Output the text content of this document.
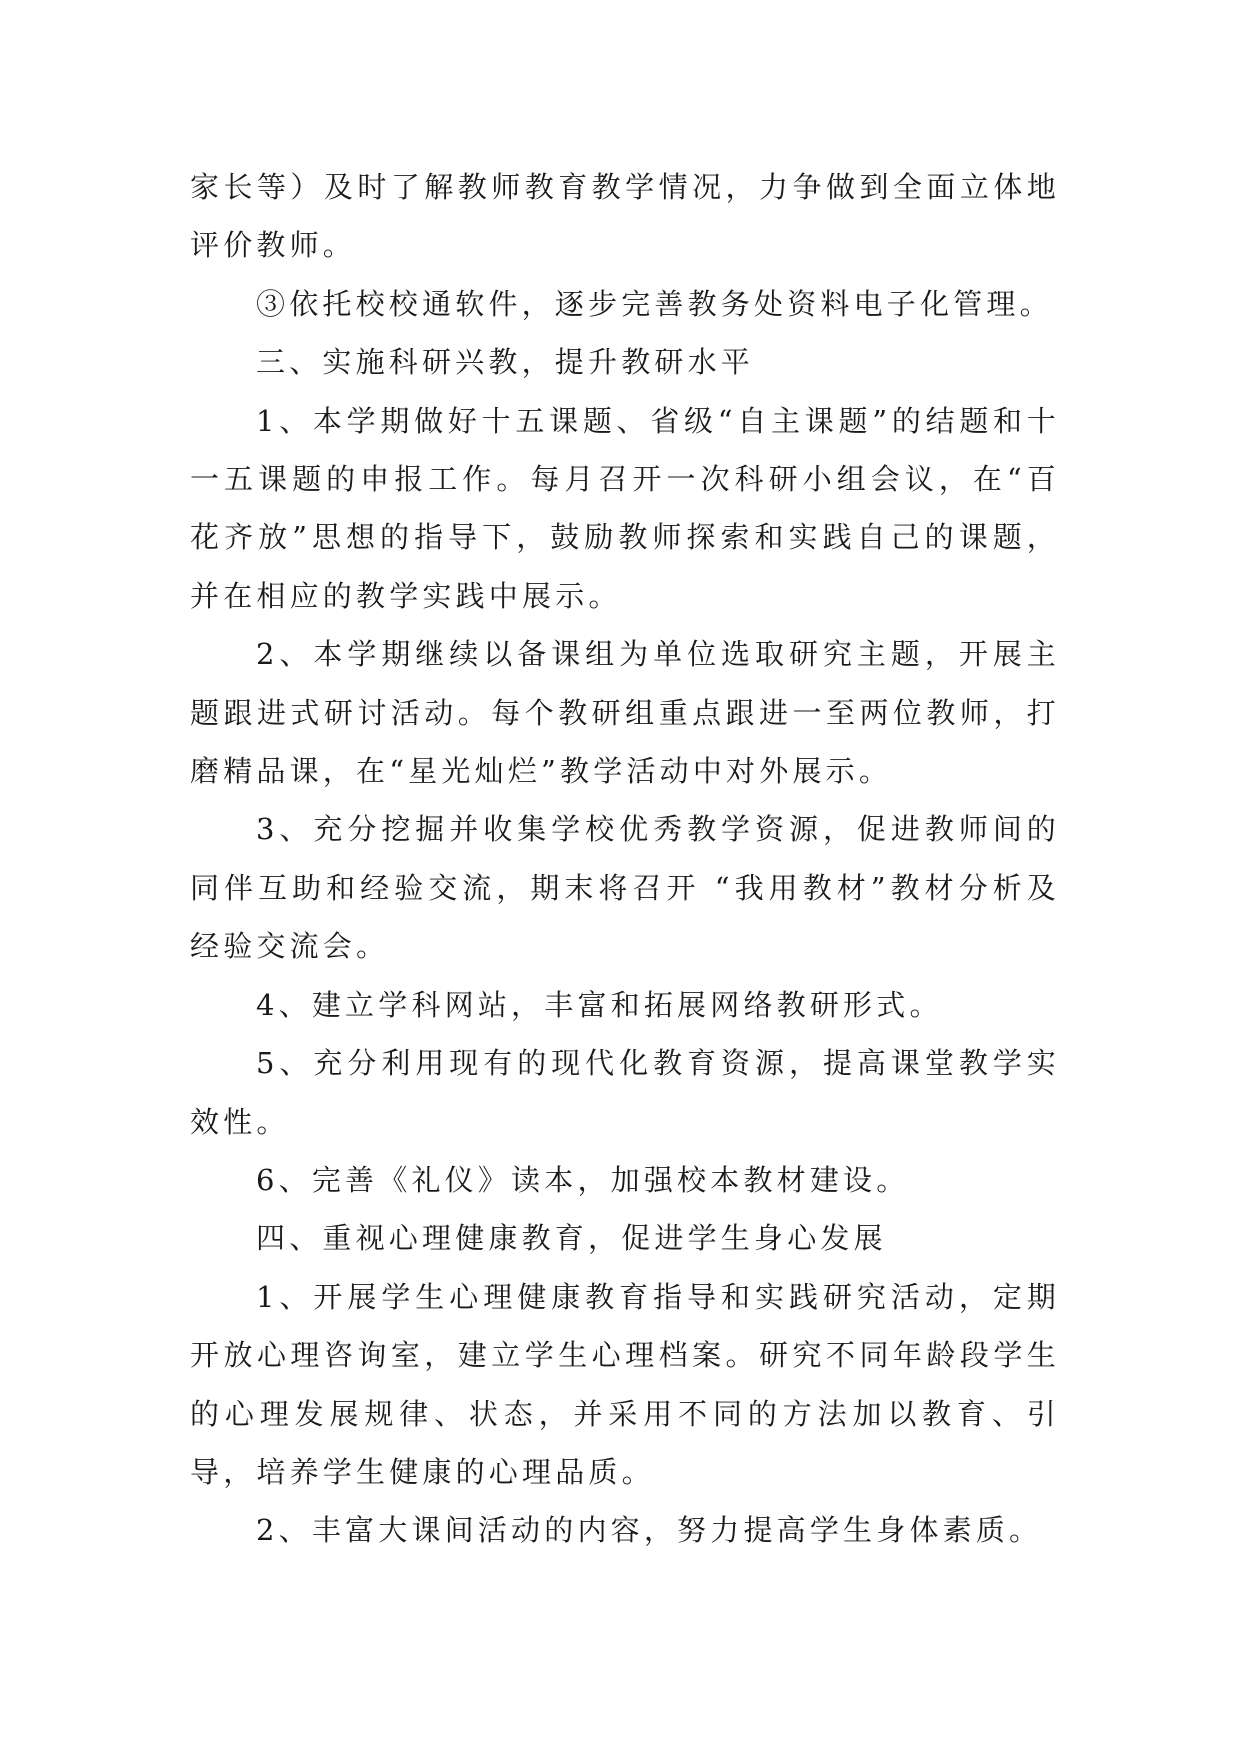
家长等）及时了解教师教育教学情况，力争做到全面立体地评价教师。

③依托校校通软件，逐步完善教务处资料电子化管理。

三、实施科研兴教，提升教研水平

1、本学期做好十五课题、省级“自主课题”的结题和十一五课题的申报工作。每月召开一次科研小组会议，在“百花齐放”思想的指导下，鼓励教师探索和实践自己的课题，并在相应的教学实践中展示。

2、本学期继续以备课组为单位选取研究主题，开展主题跟进式研讨活动。每个教研组重点跟进一至两位教师，打磨精品课，在“星光灿烂”教学活动中对外展示。

3、充分挖掘并收集学校优秀教学资源，促进教师间的同伴互助和经验交流，期末将召开 “我用教材”教材分析及经验交流会。

4、建立学科网站，丰富和拓展网络教研形式。

5、充分利用现有的现代化教育资源，提高课堂教学实效性。

6、完善《礼仪》读本，加强校本教材建设。

四、重视心理健康教育，促进学生身心发展

1、开展学生心理健康教育指导和实践研究活动，定期开放心理咨询室，建立学生心理档案。研究不同年龄段学生的心理发展规律、状态，并采用不同的方法加以教育、引导，培养学生健康的心理品质。

2、丰富大课间活动的内容，努力提高学生身体素质。
